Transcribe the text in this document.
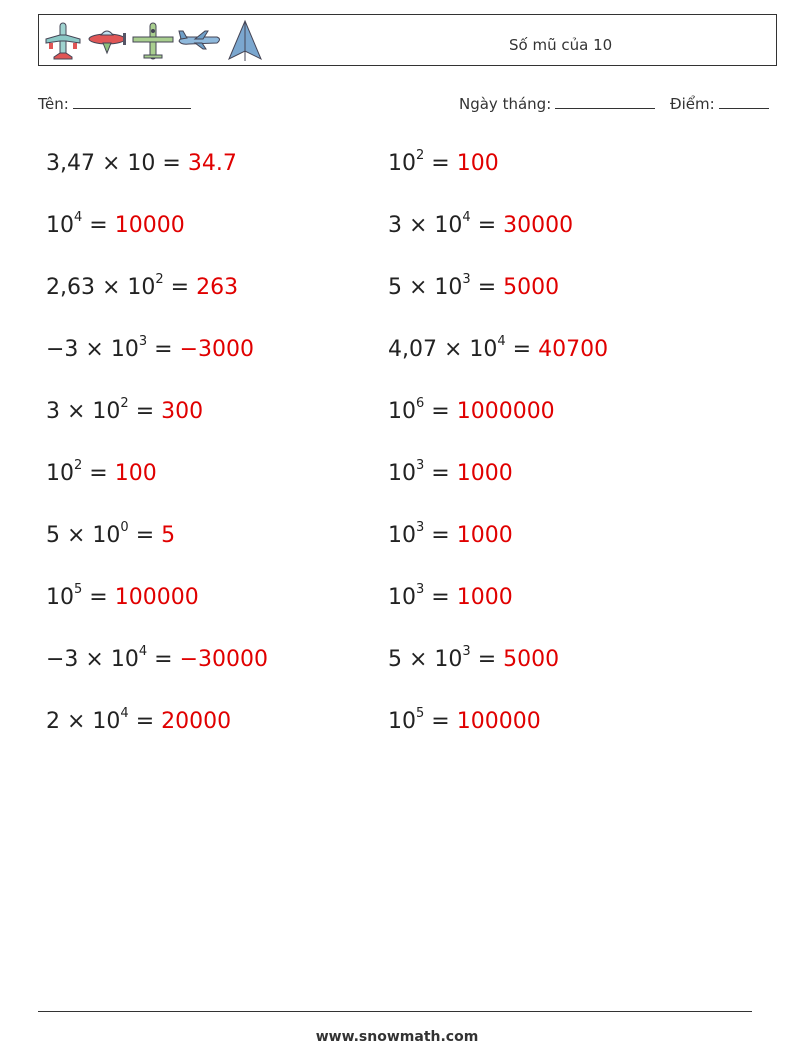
Số mũ của 10
Tên:	Ngày tháng:	Điểm:
3,47 × 10 = 34.7
$10^4 = 10000$
$2,63 \times 10^2 = 263$
$-3 \times 10^3 = -3000$
$3 \times 10^2 = 300$
$10^2 = 100$
$5 \times 10^0 = 5$
$10^5 = 100000$
$-3 \times 10^4 = -30000$
$2 \times 10^4 = 20000$
$10^2 = 100$
$3 \times 10^4 = 30000$
$5 \times 10^3 = 5000$
$4,07 \times 10^4 = 40700$
$10^6 = 1000000$
$10^3 = 1000$
$10^3 = 1000$
$10^3 = 1000$
$5 \times 10^3 = 5000$
$10^5 = 100000$
www.snowmath.com
